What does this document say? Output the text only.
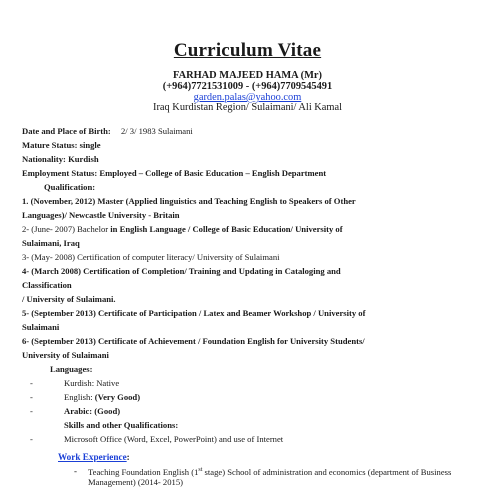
Curriculum Vitae
FARHAD MAJEED HAMA (Mr)
(+964)7721531009 - (+964)7709545491
garden.palas@yahoo.com
Iraq Kurdistan Region/ Sulaimani/ Ali Kamal
Date and Place of Birth: 2/ 3/ 1983 Sulaimani
Mature Status: single
Nationality: Kurdish
Employment Status: Employed – College of Basic Education – English Department
Qualification:
1. (November, 2012) Master (Applied linguistics and Teaching English to Speakers of Other
Languages)/ Newcastle University - Britain
2- (June- 2007) Bachelor in English Language / College of Basic Education/ University of
Sulaimani, Iraq
3- (May- 2008) Certification of computer literacy/ University of Sulaimani
4- (March 2008) Certification of Completion/ Training and Updating in Cataloging and
Classification
/ University of Sulaimani.
5- (September 2013) Certificate of Participation / Latex and Beamer Workshop / University of
Sulaimani
6- (September 2013) Certificate of Achievement / Foundation English for University Students/
University of Sulaimani
Languages:
-	Kurdish: Native
-	English: (Very Good)
-	Arabic: (Good)
Skills and other Qualifications:
-	Microsoft Office (Word, Excel, PowerPoint) and use of Internet
Work Experience:
- Teaching Foundation English (1st stage) School of administration and economics (department of Business Management) (2014- 2015)
